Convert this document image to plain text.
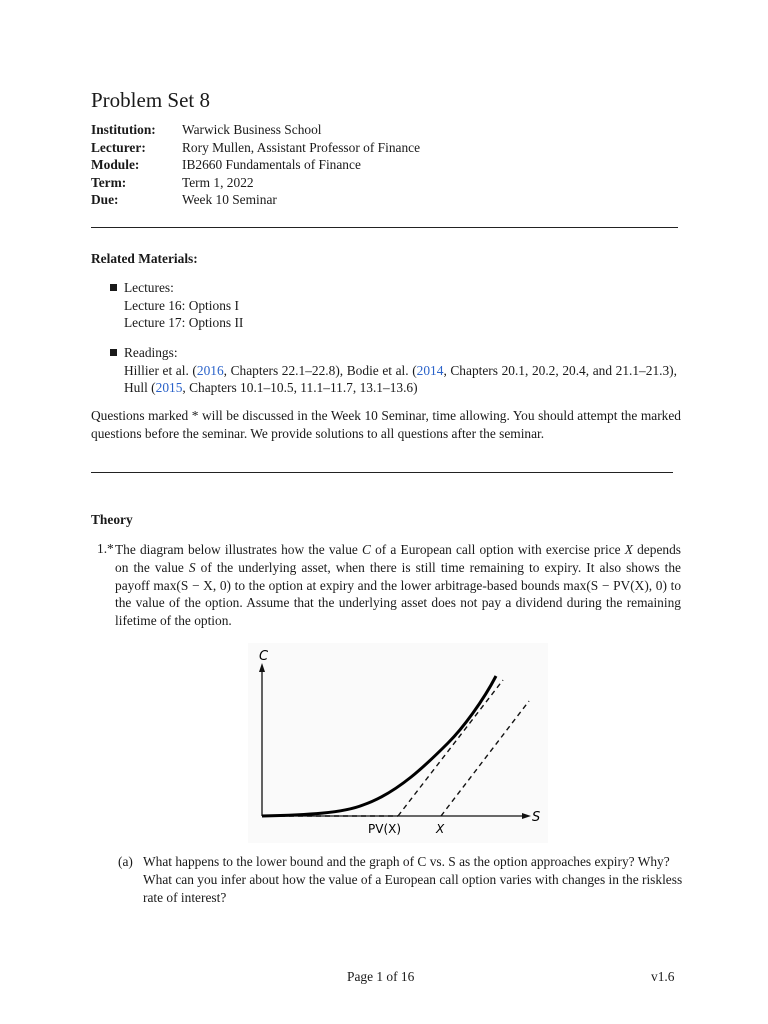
Problem Set 8
Institution:	Warwick Business School
Lecturer:	Rory Mullen, Assistant Professor of Finance
Module:	IB2660 Fundamentals of Finance
Term:	Term 1, 2022
Due:	Week 10 Seminar
Related Materials:
Lectures:
Lecture 16: Options I
Lecture 17: Options II
Readings:
Hillier et al. (2016, Chapters 22.1–22.8), Bodie et al. (2014, Chapters 20.1, 20.2, 20.4, and 21.1–21.3), Hull (2015, Chapters 10.1–10.5, 11.1–11.7, 13.1–13.6)
Questions marked * will be discussed in the Week 10 Seminar, time allowing. You should attempt the marked questions before the seminar. We provide solutions to all questions after the seminar.
Theory
1.* The diagram below illustrates how the value C of a European call option with exercise price X depends on the value S of the underlying asset, when there is still time remaining to expiry. It also shows the payoff max(S − X, 0) to the option at expiry and the lower arbitrage-based bounds max(S − PV(X), 0) to the value of the option. Assume that the underlying asset does not pay a dividend during the remaining lifetime of the option.
C
S
PV(X)	X
(a) What happens to the lower bound and the graph of C vs. S as the option approaches expiry? Why? What can you infer about how the value of a European call option varies with changes in the riskless rate of interest?
Page 1 of 16	v1.6
